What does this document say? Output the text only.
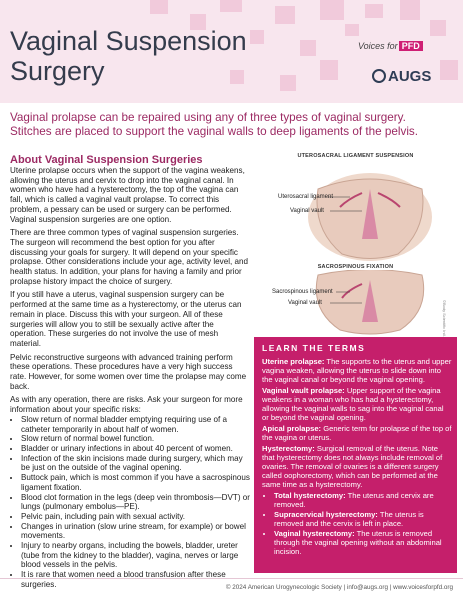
Vaginal Suspension
Surgery
Voices for PFD
AUGS

Vaginal prolapse can be repaired using any of three types of vaginal surgery. Stitches are placed to support the vaginal walls to deep ligaments of the pelvis.

About Vaginal Suspension Surgeries

Uterine prolapse occurs when the support of the vagina weakens, allowing the uterus and cervix to drop into the vaginal canal. In women who have had a hysterectomy, the top of the vagina can fall, which is called a vaginal vault prolapse. To correct this problem, a pessary can be used or surgery can be performed. Vaginal suspension surgeries are one option.

There are three common types of vaginal suspension surgeries. The surgeon will recommend the best option for you after discussing your goals for surgery. It will depend on your specific prolapse. Other considerations include your age, activity level, and health status. In addition, your plans for having a family and prior prolapse history impact the choice of surgery.

If you still have a uterus, vaginal suspension surgery can be performed at the same time as a hysterectomy, or the uterus can remain in place. Discuss this with your surgeon. All of these surgeries will allow you to still be sexually active after the operation. These surgeries do not involve the use of mesh material.

Pelvic reconstructive surgeons with advanced training perform these operations. These procedures have a very high success rate. However, for some women over time the prolapse may come back.

As with any operation, there are risks. Ask your surgeon for more information about your specific risks:

• Slow return of normal bladder emptying requiring use of a catheter temporarily in about half of women.
• Slow return of normal bowel function.
• Bladder or urinary infections in about 40 percent of women.
• Infection of the skin incisions made during surgery, which may be just on the outside of the vaginal opening.
• Buttock pain, which is most common if you have a sacrospinous ligament fixation.
• Blood clot formation in the legs (deep vein thrombosis—DVT) or lungs (pulmonary embolus—PE).
• Pelvic pain, including pain with sexual activity.
• Changes in urination (slow urine stream, for example) or bowel movements.
• Injury to nearby organs, including the bowels, bladder, ureter (tube from the kidney to the bladder), vagina, nerves or large blood vessels in the pelvis.
• It is rare that women need a blood transfusion after these surgeries.
UTEROSACRAL LIGAMENT SUSPENSION
Uterosacral ligament
Vaginal vault
SACROSPINOUS FIXATION
Sacrospinous ligament
Vaginal vault	©Body Scientific Intl.
LEARN THE TERMS

Uterine prolapse: The supports to the uterus and upper vagina weaken, allowing the uterus to slide down into the vaginal canal or beyond the vaginal opening.

Vaginal vault prolapse: Upper support of the vagina weakens in a woman who has had a hysterectomy, allowing the vaginal walls to sag into the vaginal canal or beyond the vaginal opening.

Apical prolapse: Generic term for prolapse of the top of the vagina or uterus.

Hysterectomy: Surgical removal of the uterus. Note that hysterectomy does not always include removal of ovaries. The removal of ovaries is a different surgery called oophorectomy, which can be performed at the same time as a hysterectomy.

• Total hysterectomy: The uterus and cervix are removed.
• Supracervical hysterectomy: The uterus is removed and the cervix is left in place.
• Vaginal hysterectomy: The uterus is removed through the vaginal opening without an abdominal incision.
© 2024 American Urogynecologic Society | info@augs.org | www.voicesforpfd.org
